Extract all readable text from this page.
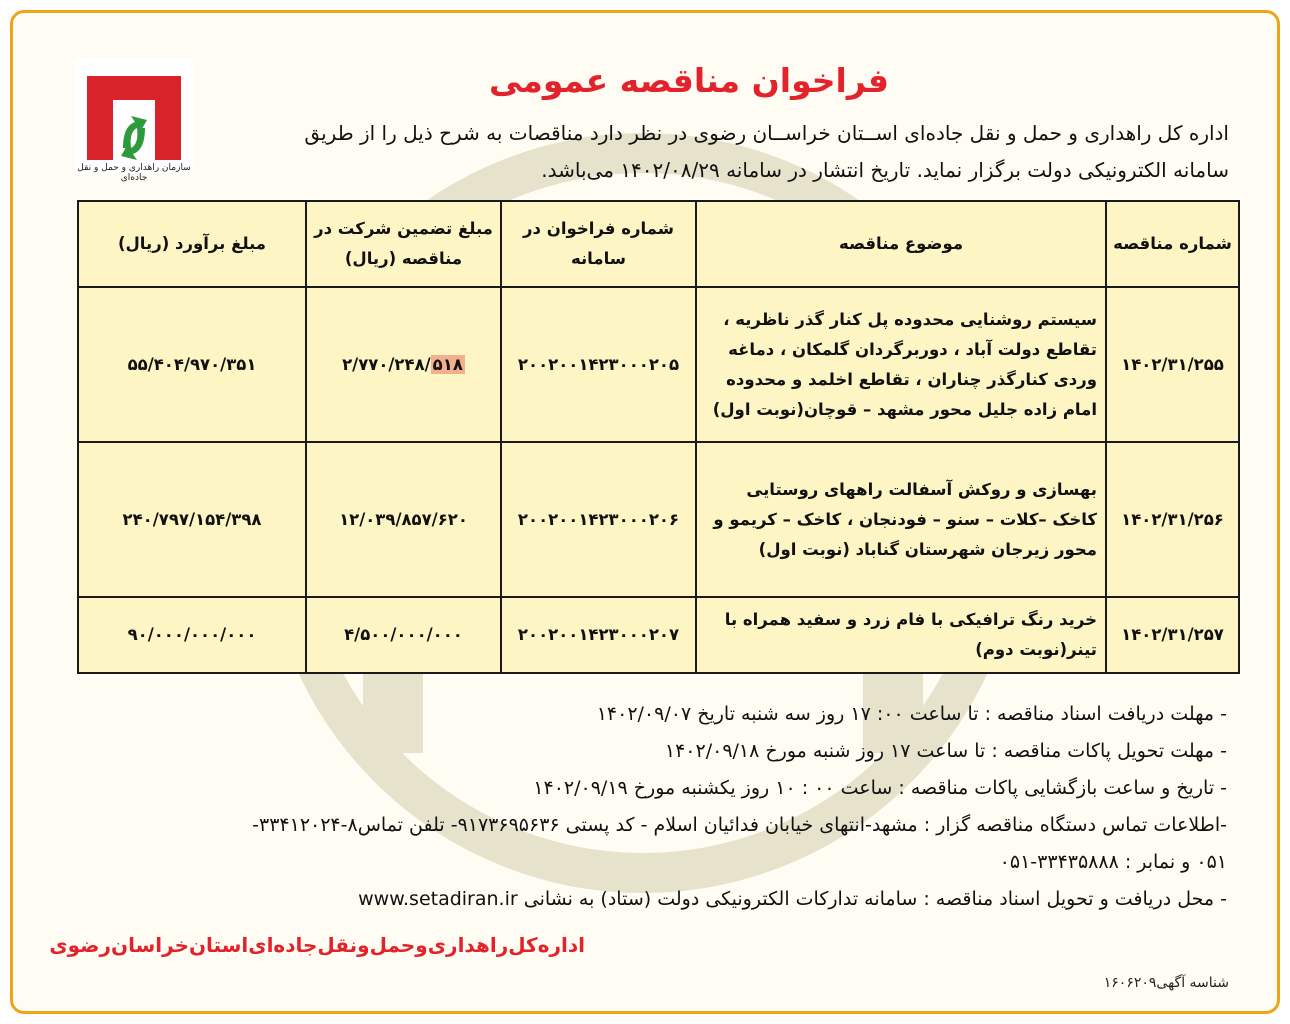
سازمان راهداری و حمل و نقل جاده‌ای
فراخوان مناقصه عمومی
اداره کل راهداری و حمل و نقل جاده‌ای اســتان خراســان رضوی در نظر دارد مناقصات به شرح ذیل را از طریق
سامانه الکترونیکی دولت برگزار نماید. تاریخ انتشار در سامانه ۱۴۰۲/۰۸/۲۹ می‌باشد.
شماره مناقصه	موضوع مناقصه	شماره فراخوان در سامانه	مبلغ تضمین شرکت در مناقصه (ریال)	مبلغ برآورد (ریال)
۱۴۰۲/۳۱/۲۵۵	سیستم روشنایی محدوده پل کنار گذر ناظریه ، تقاطع دولت آباد ، دوربرگردان گلمکان ، دماغه وردی کنارگذر چناران ، تقاطع اخلمد و محدوده امام زاده جلیل محور مشهد – قوچان(نوبت اول)	۲۰۰۲۰۰۱۴۲۳۰۰۰۲۰۵	۲/۷۷۰/۲۴۸/ ۵۱۸	۵۵/۴۰۴/۹۷۰/۳۵۱
۱۴۰۲/۳۱/۲۵۶	بهسازی و روکش آسفالت راههای روستایی کاخک –کلات – سنو – فودنجان ، کاخک – کریمو و محور زیرجان شهرستان گناباد (نوبت اول)	۲۰۰۲۰۰۱۴۲۳۰۰۰۲۰۶	۱۲/۰۳۹/۸۵۷/۶۲۰	۲۴۰/۷۹۷/۱۵۴/۳۹۸
۱۴۰۲/۳۱/۲۵۷	خرید رنگ ترافیکی با فام زرد و سفید همراه با تینر(نوبت دوم)	۲۰۰۲۰۰۱۴۲۳۰۰۰۲۰۷	۴/۵۰۰/۰۰۰/۰۰۰	۹۰/۰۰۰/۰۰۰/۰۰۰
- مهلت دریافت اسناد مناقصه : تا ساعت ۰۰: ۱۷ روز سه شنبه تاریخ ۱۴۰۲/۰۹/۰۷
- مهلت تحویل پاکات مناقصه : تا ساعت ۱۷ روز شنبه مورخ ۱۴۰۲/۰۹/۱۸
- تاریخ و ساعت بازگشایی پاکات مناقصه : ساعت ۰۰ : ۱۰ روز یکشنبه مورخ ۱۴۰۲/۰۹/۱۹
-اطلاعات تماس دستگاه مناقصه گزار : مشهد-انتهای خیابان فدائیان اسلام - کد پستی ۹۱۷۳۶۹۵۶۳۶- تلفن تماس۸-۳۳۴۱۲۰۲۴-
۰۵۱ و نمابر : ۳۳۴۳۵۸۸۸-۰۵۱
- محل دریافت و تحویل اسناد مناقصه : سامانه تدارکات الکترونیکی دولت (ستاد) به نشانی www.setadiran.ir
اداره‌کل‌راهداری‌وحمل‌ونقل‌جاده‌ای‌استان‌خراسان‌رضوی
شناسه آگهی۱۶۰۶۲۰۹
